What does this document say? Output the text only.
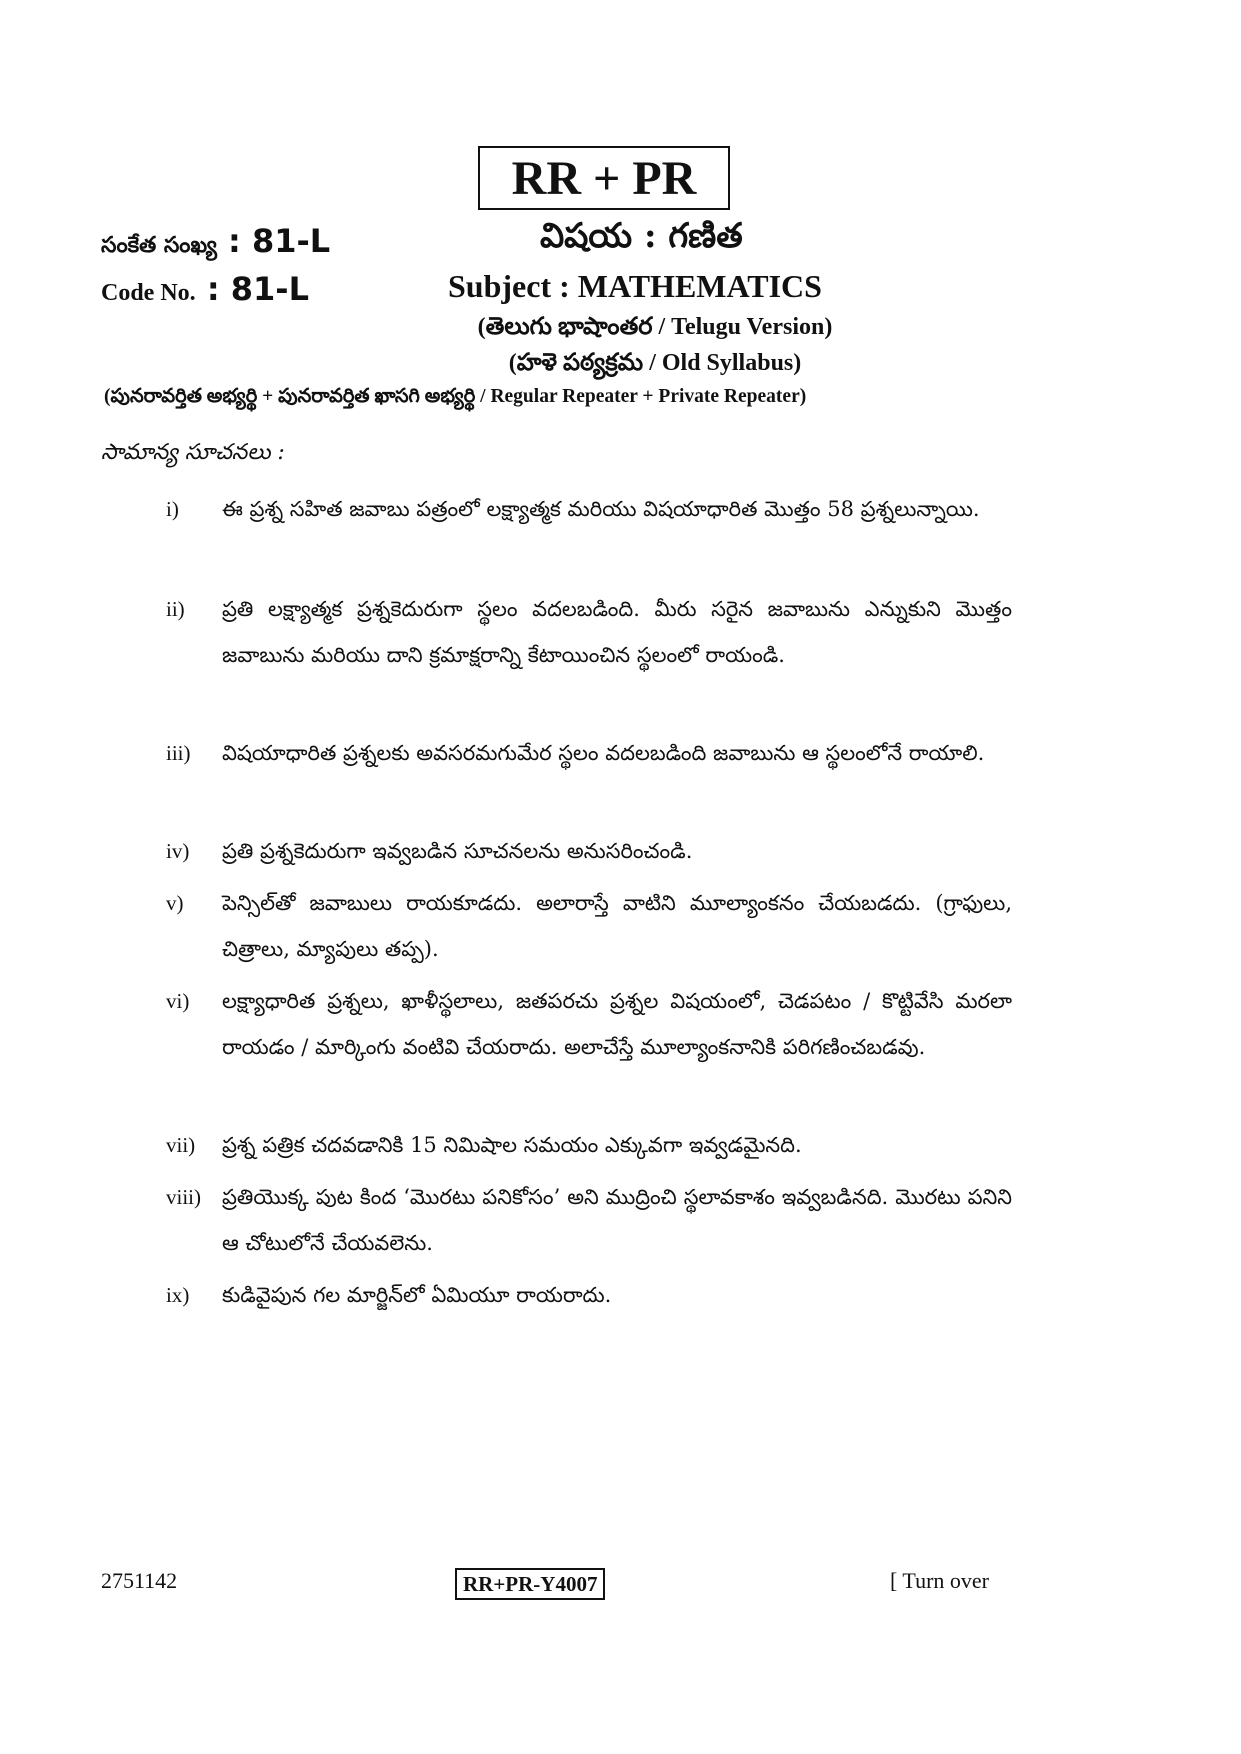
RR + PR
సంకేత సంఖ్య : 81-L	విషయ : గణిత
Code No. : 81-L	Subject : MATHEMATICS
(తెలుగు భాషాంతర / Telugu Version)
(హళె పఠ్యక్రమ / Old Syllabus)
(పునరావర్తిత అభ్యర్థి + పునరావర్తిత ఖాసగి అభ్యర్థి / Regular Repeater + Private Repeater)
సామాన్య సూచనలు :
i) ఈ ప్రశ్న సహిత జవాబు పత్రంలో లక్ష్యాత్మక మరియు విషయాధారిత మొత్తం 58 ప్రశ్నలున్నాయి.
ii) ప్రతి లక్ష్యాత్మక ప్రశ్నకెదురుగా స్థలం వదలబడింది. మీరు సరైన జవాబును ఎన్నుకుని మొత్తం జవాబును మరియు దాని క్రమాక్షరాన్ని కేటాయించిన స్థలంలో రాయండి.
iii) విషయాధారిత ప్రశ్నలకు అవసరమగుమేర స్థలం వదలబడింది జవాబును ఆ స్థలంలోనే రాయాలి.
iv) ప్రతి ప్రశ్నకెదురుగా ఇవ్వబడిన సూచనలను అనుసరించండి.
v) పెన్సిల్‌తో జవాబులు రాయకూడదు. అలారాస్తే వాటిని మూల్యాంకనం చేయబడదు. (గ్రాఫులు, చిత్రాలు, మ్యాపులు తప్ప).
vi) లక్ష్యాధారిత ప్రశ్నలు, ఖాళీస్థలాలు, జతపరచు ప్రశ్నల విషయంలో, చెడపటం / కొట్టివేసి మరలా రాయడం / మార్కింగు వంటివి చేయరాదు. అలాచేస్తే మూల్యాంకనానికి పరిగణించబడవు.
vii) ప్రశ్న పత్రిక చదవడానికి 15 నిమిషాల సమయం ఎక్కువగా ఇవ్వడమైనది.
viii) ప్రతియొక్క పుట కింద ‘మొరటు పనికోసం’ అని ముద్రించి స్థలావకాశం ఇవ్వబడినది. మొరటు పనిని ఆ చోటులోనే చేయవలెను.
ix) కుడివైపున గల మార్జిన్‌లో ఏమియూ రాయరాదు.
2751142	RR+PR-Y4007	[ Turn over
